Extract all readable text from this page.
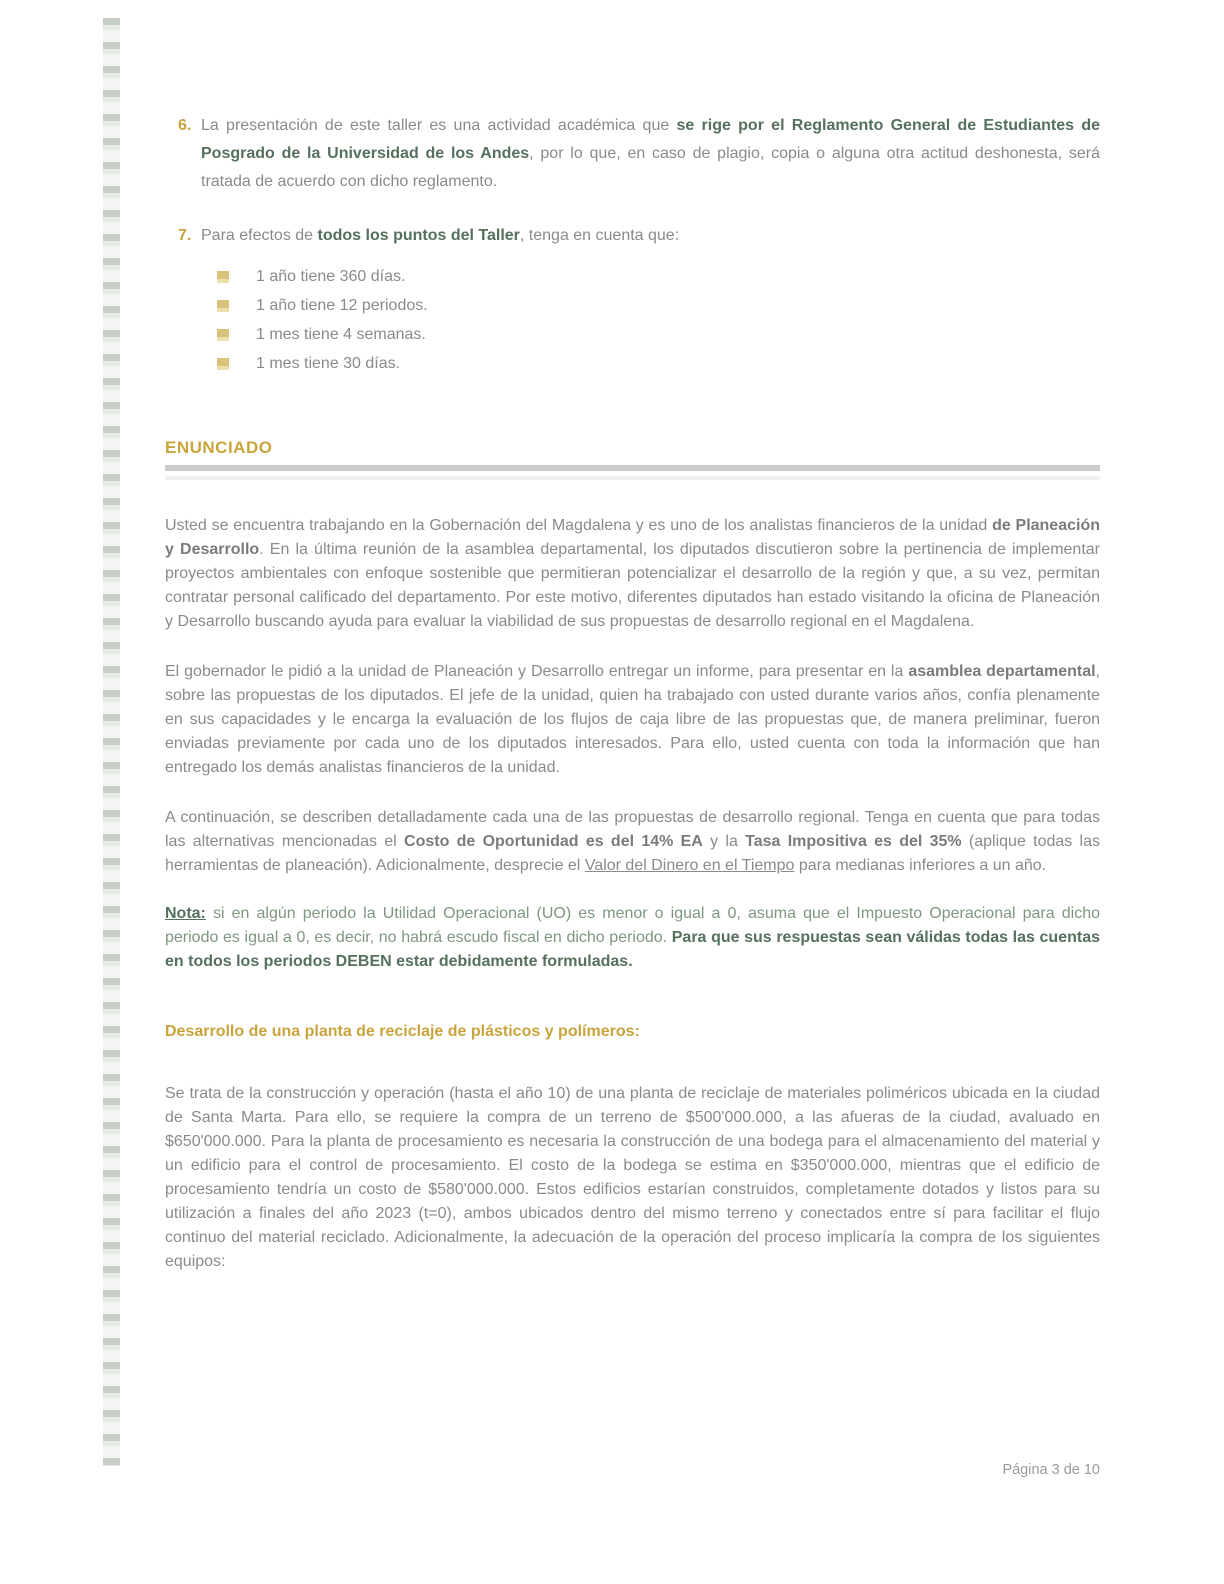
6. La presentación de este taller es una actividad académica que se rige por el Reglamento General de Estudiantes de Posgrado de la Universidad de los Andes, por lo que, en caso de plagio, copia o alguna otra actitud deshonesta, será tratada de acuerdo con dicho reglamento.
7. Para efectos de todos los puntos del Taller, tenga en cuenta que:
1 año tiene 360 días.
1 año tiene 12 periodos.
1 mes tiene 4 semanas.
1 mes tiene 30 días.
ENUNCIADO

Usted se encuentra trabajando en la Gobernación del Magdalena y es uno de los analistas financieros de la unidad de Planeación y Desarrollo. En la última reunión de la asamblea departamental, los diputados discutieron sobre la pertinencia de implementar proyectos ambientales con enfoque sostenible que permitieran potencializar el desarrollo de la región y que, a su vez, permitan contratar personal calificado del departamento. Por este motivo, diferentes diputados han estado visitando la oficina de Planeación y Desarrollo buscando ayuda para evaluar la viabilidad de sus propuestas de desarrollo regional en el Magdalena.

El gobernador le pidió a la unidad de Planeación y Desarrollo entregar un informe, para presentar en la asamblea departamental, sobre las propuestas de los diputados. El jefe de la unidad, quien ha trabajado con usted durante varios años, confía plenamente en sus capacidades y le encarga la evaluación de los flujos de caja libre de las propuestas que, de manera preliminar, fueron enviadas previamente por cada uno de los diputados interesados. Para ello, usted cuenta con toda la información que han entregado los demás analistas financieros de la unidad.

A continuación, se describen detalladamente cada una de las propuestas de desarrollo regional. Tenga en cuenta que para todas las alternativas mencionadas el Costo de Oportunidad es del 14% EA y la Tasa Impositiva es del 35% (aplique todas las herramientas de planeación). Adicionalmente, desprecie el Valor del Dinero en el Tiempo para medianas inferiores a un año.

Nota: si en algún periodo la Utilidad Operacional (UO) es menor o igual a 0, asuma que el Impuesto Operacional para dicho periodo es igual a 0, es decir, no habrá escudo fiscal en dicho periodo. Para que sus respuestas sean válidas todas las cuentas en todos los periodos DEBEN estar debidamente formuladas.

Desarrollo de una planta de reciclaje de plásticos y polímeros:

Se trata de la construcción y operación (hasta el año 10) de una planta de reciclaje de materiales poliméricos ubicada en la ciudad de Santa Marta. Para ello, se requiere la compra de un terreno de $500'000.000, a las afueras de la ciudad, avaluado en $650'000.000. Para la planta de procesamiento es necesaria la construcción de una bodega para el almacenamiento del material y un edificio para el control de procesamiento. El costo de la bodega se estima en $350'000.000, mientras que el edificio de procesamiento tendría un costo de $580'000.000. Estos edificios estarían construidos, completamente dotados y listos para su utilización a finales del año 2023 (t=0), ambos ubicados dentro del mismo terreno y conectados entre sí para facilitar el flujo continuo del material reciclado. Adicionalmente, la adecuación de la operación del proceso implicaría la compra de los siguientes equipos:

Página 3 de 10
